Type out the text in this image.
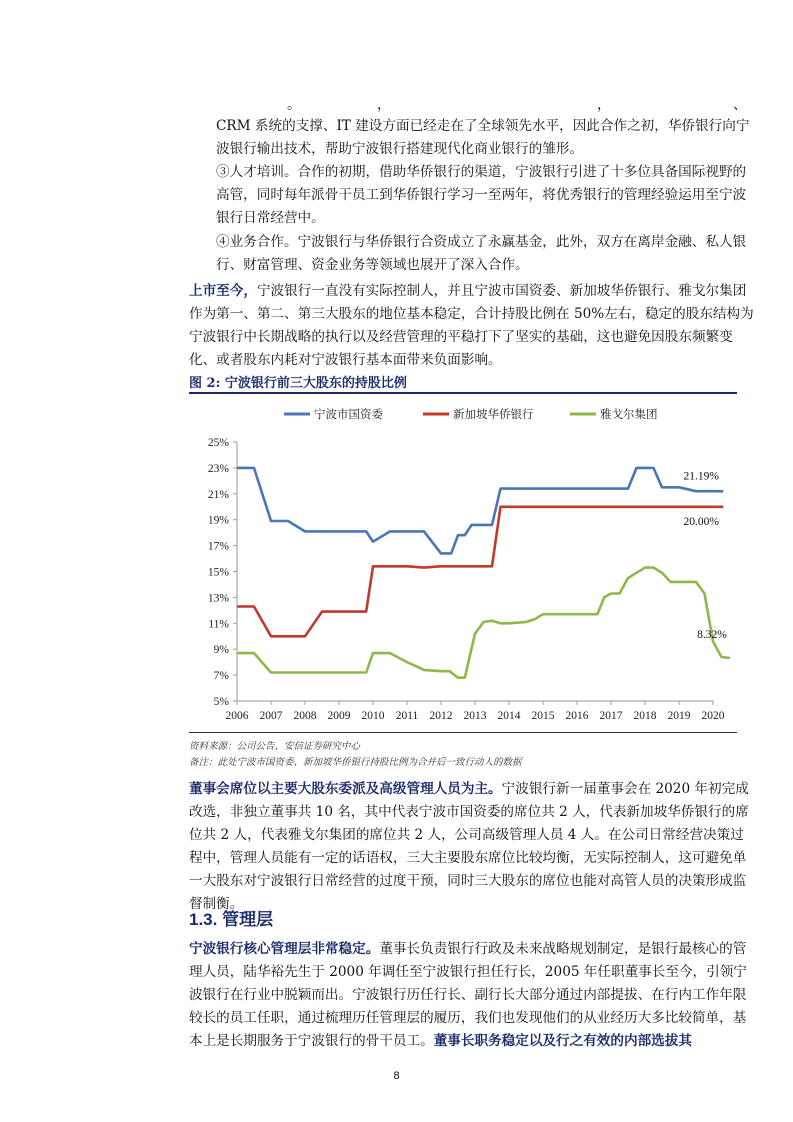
。	，	，	、
CRM 系统的支撑、IT 建设方面已经走在了全球领先水平，因此合作之初，华侨银行向宁波银行输出技术，帮助宁波银行搭建现代化商业银行的雏形。
③人才培训。合作的初期，借助华侨银行的渠道，宁波银行引进了十多位具备国际视野的高管，同时每年派骨干员工到华侨银行学习一至两年，将优秀银行的管理经验运用至宁波银行日常经营中。
④业务合作。宁波银行与华侨银行合资成立了永赢基金，此外，双方在离岸金融、私人银行、财富管理、资金业务等领域也展开了深入合作。
上市至今，宁波银行一直没有实际控制人，并且宁波市国资委、新加坡华侨银行、雅戈尔集团作为第一、第二、第三大股东的地位基本稳定，合计持股比例在 50%左右，稳定的股东结构为宁波银行中长期战略的执行以及经营管理的平稳打下了坚实的基础，这也避免因股东频繁变化、或者股东内耗对宁波银行基本面带来负面影响。
图 2: 宁波银行前三大股东的持股比例
宁波市国资委	新加坡华侨银行	雅戈尔集团
5%
7%
9%
11%
13%
15%
17%
19%
21%
23%
25%
2006 2007 2008 2009 2010 2011 2012 2013 2014 2015 2016 2017 2018 2019 2020
21.19%
20.00%
8.32%
资料来源：公司公告、安信证券研究中心
备注：此处宁波市国资委、新加坡华侨银行持股比例为合并后一致行动人的数据
董事会席位以主要大股东委派及高级管理人员为主。宁波银行新一届董事会在 2020 年初完成改选，非独立董事共 10 名，其中代表宁波市国资委的席位共 2 人，代表新加坡华侨银行的席位共 2 人，代表雅戈尔集团的席位共 2 人，公司高级管理人员 4 人。在公司日常经营决策过程中，管理人员能有一定的话语权，三大主要股东席位比较均衡，无实际控制人，这可避免单一大股东对宁波银行日常经营的过度干预，同时三大股东的席位也能对高管人员的决策形成监督制衡。
1.3. 管理层
宁波银行核心管理层非常稳定。董事长负责银行行政及未来战略规划制定，是银行最核心的管理人员，陆华裕先生于 2000 年调任至宁波银行担任行长，2005 年任职董事长至今，引领宁波银行在行业中脱颖而出。宁波银行历任行长、副行长大部分通过内部提拔、在行内工作年限较长的员工任职，通过梳理历任管理层的履历，我们也发现他们的从业经历大多比较简单，基本上是长期服务于宁波银行的骨干员工。董事长职务稳定以及行之有效的内部选拔其
8
